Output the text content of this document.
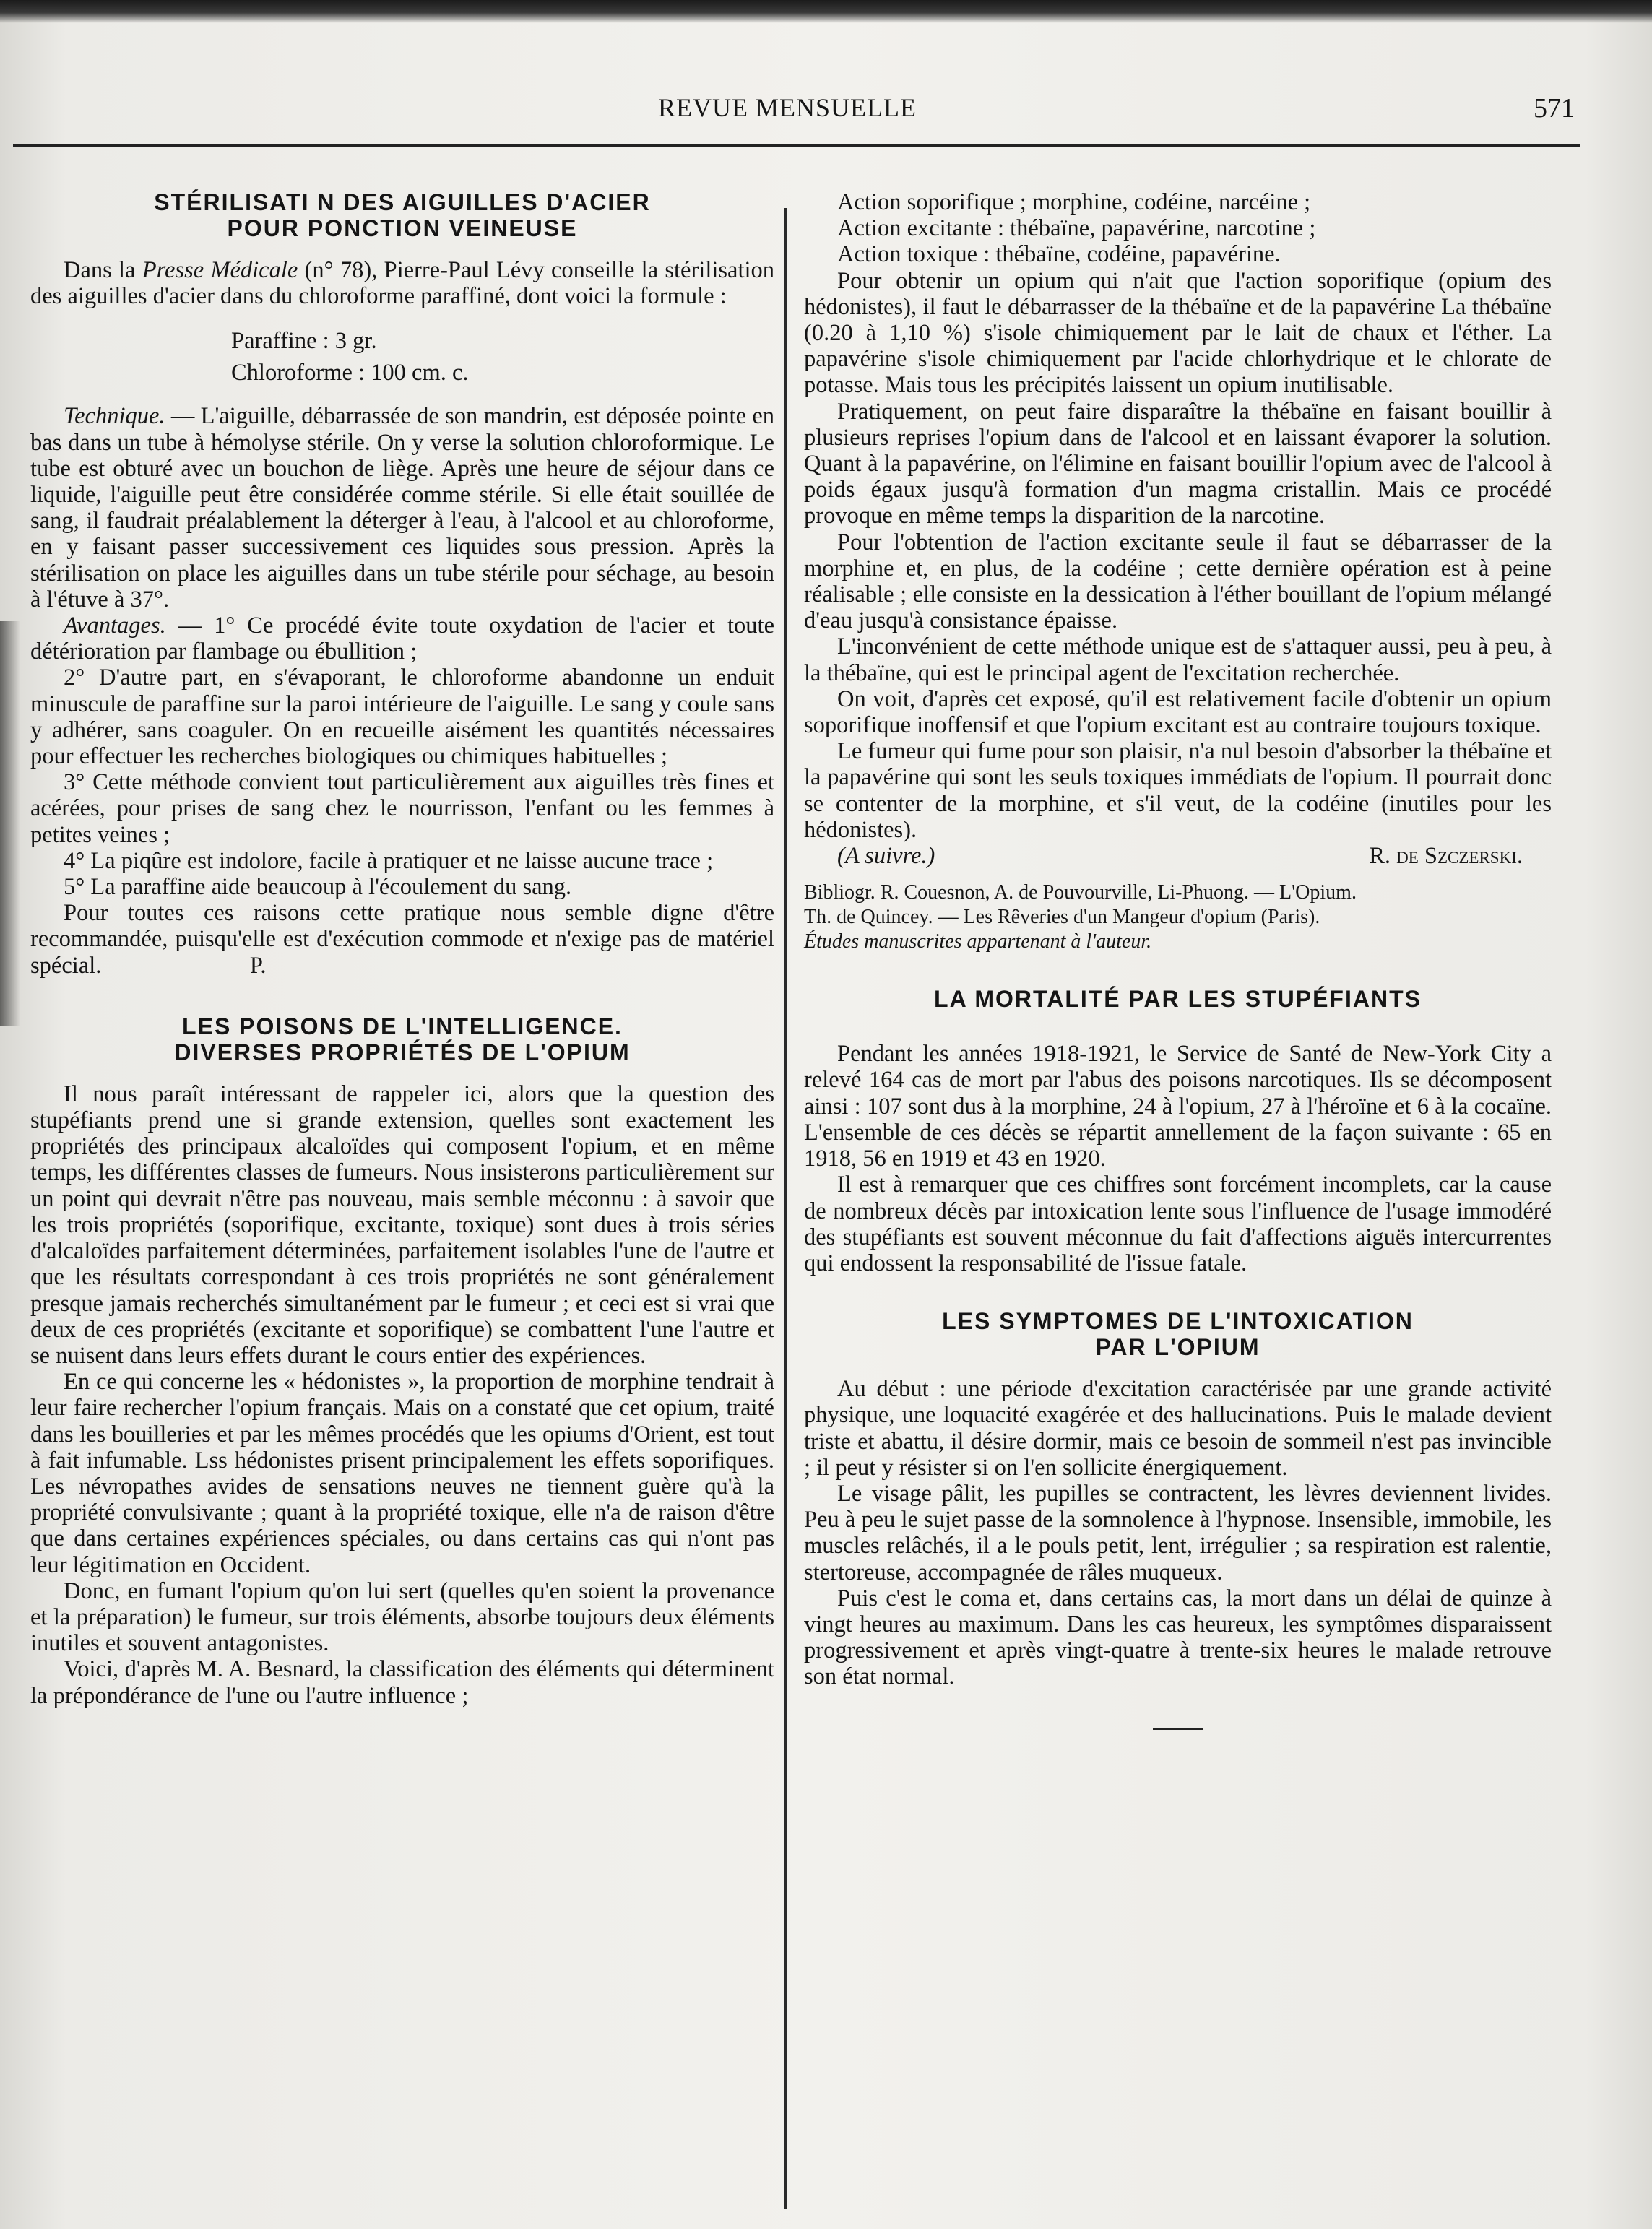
REVUE MENSUELLE	571
STÉRILISATI N DES AIGUILLES D'ACIER
POUR PONCTION VEINEUSE

Dans la Presse Médicale (n° 78), Pierre-Paul Lévy conseille la stérilisation des aiguilles d'acier dans du chloroforme paraffiné, dont voici la formule :

Paraffine : 3 gr.
Chloroforme : 100 cm. c.

Technique. — L'aiguille, débarrassée de son mandrin, est déposée pointe en bas dans un tube à hémolyse stérile. On y verse la solution chloroformique. Le tube est obturé avec un bouchon de liège. Après une heure de séjour dans ce liquide, l'aiguille peut être considérée comme stérile. Si elle était souillée de sang, il faudrait préalablement la déterger à l'eau, à l'alcool et au chloroforme, en y faisant passer successivement ces liquides sous pression. Après la stérilisation on place les aiguilles dans un tube stérile pour séchage, au besoin à l'étuve à 37°.

Avantages. — 1° Ce procédé évite toute oxydation de l'acier et toute détérioration par flambage ou ébullition ;

2° D'autre part, en s'évaporant, le chloroforme abandonne un enduit minuscule de paraffine sur la paroi intérieure de l'aiguille. Le sang y coule sans y adhérer, sans coaguler. On en recueille aisément les quantités nécessaires pour effectuer les recherches biologiques ou chimiques habituelles ;

3° Cette méthode convient tout particulièrement aux aiguilles très fines et acérées, pour prises de sang chez le nourrisson, l'enfant ou les femmes à petites veines ;

4° La piqûre est indolore, facile à pratiquer et ne laisse aucune trace ;

5° La paraffine aide beaucoup à l'écoulement du sang.

Pour toutes ces raisons cette pratique nous semble digne d'être recommandée, puisqu'elle est d'exécution commode et n'exige pas de matériel spécial.	P.

LES POISONS DE L'INTELLIGENCE.
DIVERSES PROPRIÉTÉS DE L'OPIUM

Il nous paraît intéressant de rappeler ici, alors que la question des stupéfiants prend une si grande extension, quelles sont exactement les propriétés des principaux alcaloïdes qui composent l'opium, et en même temps, les différentes classes de fumeurs. Nous insisterons particulièrement sur un point qui devrait n'être pas nouveau, mais semble méconnu : à savoir que les trois propriétés (soporifique, excitante, toxique) sont dues à trois séries d'alcaloïdes parfaitement déterminées, parfaitement isolables l'une de l'autre et que les résultats correspondant à ces trois propriétés ne sont généralement presque jamais recherchés simultanément par le fumeur ; et ceci est si vrai que deux de ces propriétés (excitante et soporifique) se combattent l'une l'autre et se nuisent dans leurs effets durant le cours entier des expériences.

En ce qui concerne les « hédonistes », la proportion de morphine tendrait à leur faire rechercher l'opium français. Mais on a constaté que cet opium, traité dans les bouilleries et par les mêmes procédés que les opiums d'Orient, est tout à fait infumable. Lss hédonistes prisent principalement les effets soporifiques. Les névropathes avides de sensations neuves ne tiennent guère qu'à la propriété convulsivante ; quant à la propriété toxique, elle n'a de raison d'être que dans certaines expériences spéciales, ou dans certains cas qui n'ont pas leur légitimation en Occident.

Donc, en fumant l'opium qu'on lui sert (quelles qu'en soient la provenance et la préparation) le fumeur, sur trois éléments, absorbe toujours deux éléments inutiles et souvent antagonistes.

Voici, d'après M. A. Besnard, la classification des éléments qui déterminent la prépondérance de l'une ou l'autre influence ;

Action soporifique ; morphine, codéine, narcéine ;

Action excitante : thébaïne, papavérine, narcotine ;

Action toxique : thébaïne, codéine, papavérine.

Pour obtenir un opium qui n'ait que l'action soporifique (opium des hédonistes), il faut le débarrasser de la thébaïne et de la papavérine La thébaïne (0.20 à 1,10 %) s'isole chimiquement par le lait de chaux et l'éther. La papavérine s'isole chimiquement par l'acide chlorhydrique et le chlorate de potasse. Mais tous les précipités laissent un opium inutilisable.

Pratiquement, on peut faire disparaître la thébaïne en faisant bouillir à plusieurs reprises l'opium dans de l'alcool et en laissant évaporer la solution. Quant à la papavérine, on l'élimine en faisant bouillir l'opium avec de l'alcool à poids égaux jusqu'à formation d'un magma cristallin. Mais ce procédé provoque en même temps la disparition de la narcotine.

Pour l'obtention de l'action excitante seule il faut se débarrasser de la morphine et, en plus, de la codéine ; cette dernière opération est à peine réalisable ; elle consiste en la dessication à l'éther bouillant de l'opium mélangé d'eau jusqu'à consistance épaisse.

L'inconvénient de cette méthode unique est de s'attaquer aussi, peu à peu, à la thébaïne, qui est le principal agent de l'excitation recherchée.

On voit, d'après cet exposé, qu'il est relativement facile d'obtenir un opium soporifique inoffensif et que l'opium excitant est au contraire toujours toxique.

Le fumeur qui fume pour son plaisir, n'a nul besoin d'absorber la thébaïne et la papavérine qui sont les seuls toxiques immédiats de l'opium. Il pourrait donc se contenter de la morphine, et s'il veut, de la codéine (inutiles pour les hédonistes).

(A suivre.)	R. de Szczerski.
Bibliogr. R. Couesnon, A. de Pouvourville, Li-Phuong. — L'Opium.
Th. de Quincey. — Les Rêveries d'un Mangeur d'opium (Paris).
Études manuscrites appartenant à l'auteur.
LA MORTALITÉ PAR LES STUPÉFIANTS

Pendant les années 1918-1921, le Service de Santé de New-York City a relevé 164 cas de mort par l'abus des poisons narcotiques. Ils se décomposent ainsi : 107 sont dus à la morphine, 24 à l'opium, 27 à l'héroïne et 6 à la cocaïne. L'ensemble de ces décès se répartit annellement de la façon suivante : 65 en 1918, 56 en 1919 et 43 en 1920.

Il est à remarquer que ces chiffres sont forcément incomplets, car la cause de nombreux décès par intoxication lente sous l'influence de l'usage immodéré des stupéfiants est souvent méconnue du fait d'affections aiguës intercurrentes qui endossent la responsabilité de l'issue fatale.

LES SYMPTOMES DE L'INTOXICATION
PAR L'OPIUM

Au début : une période d'excitation caractérisée par une grande activité physique, une loquacité exagérée et des hallucinations. Puis le malade devient triste et abattu, il désire dormir, mais ce besoin de sommeil n'est pas invincible ; il peut y résister si on l'en sollicite énergiquement.

Le visage pâlit, les pupilles se contractent, les lèvres deviennent livides. Peu à peu le sujet passe de la somnolence à l'hypnose. Insensible, immobile, les muscles relâchés, il a le pouls petit, lent, irrégulier ; sa respiration est ralentie, stertoreuse, accompagnée de râles muqueux.

Puis c'est le coma et, dans certains cas, la mort dans un délai de quinze à vingt heures au maximum. Dans les cas heureux, les symptômes disparaissent progressivement et après vingt-quatre à trente-six heures le malade retrouve son état normal.
